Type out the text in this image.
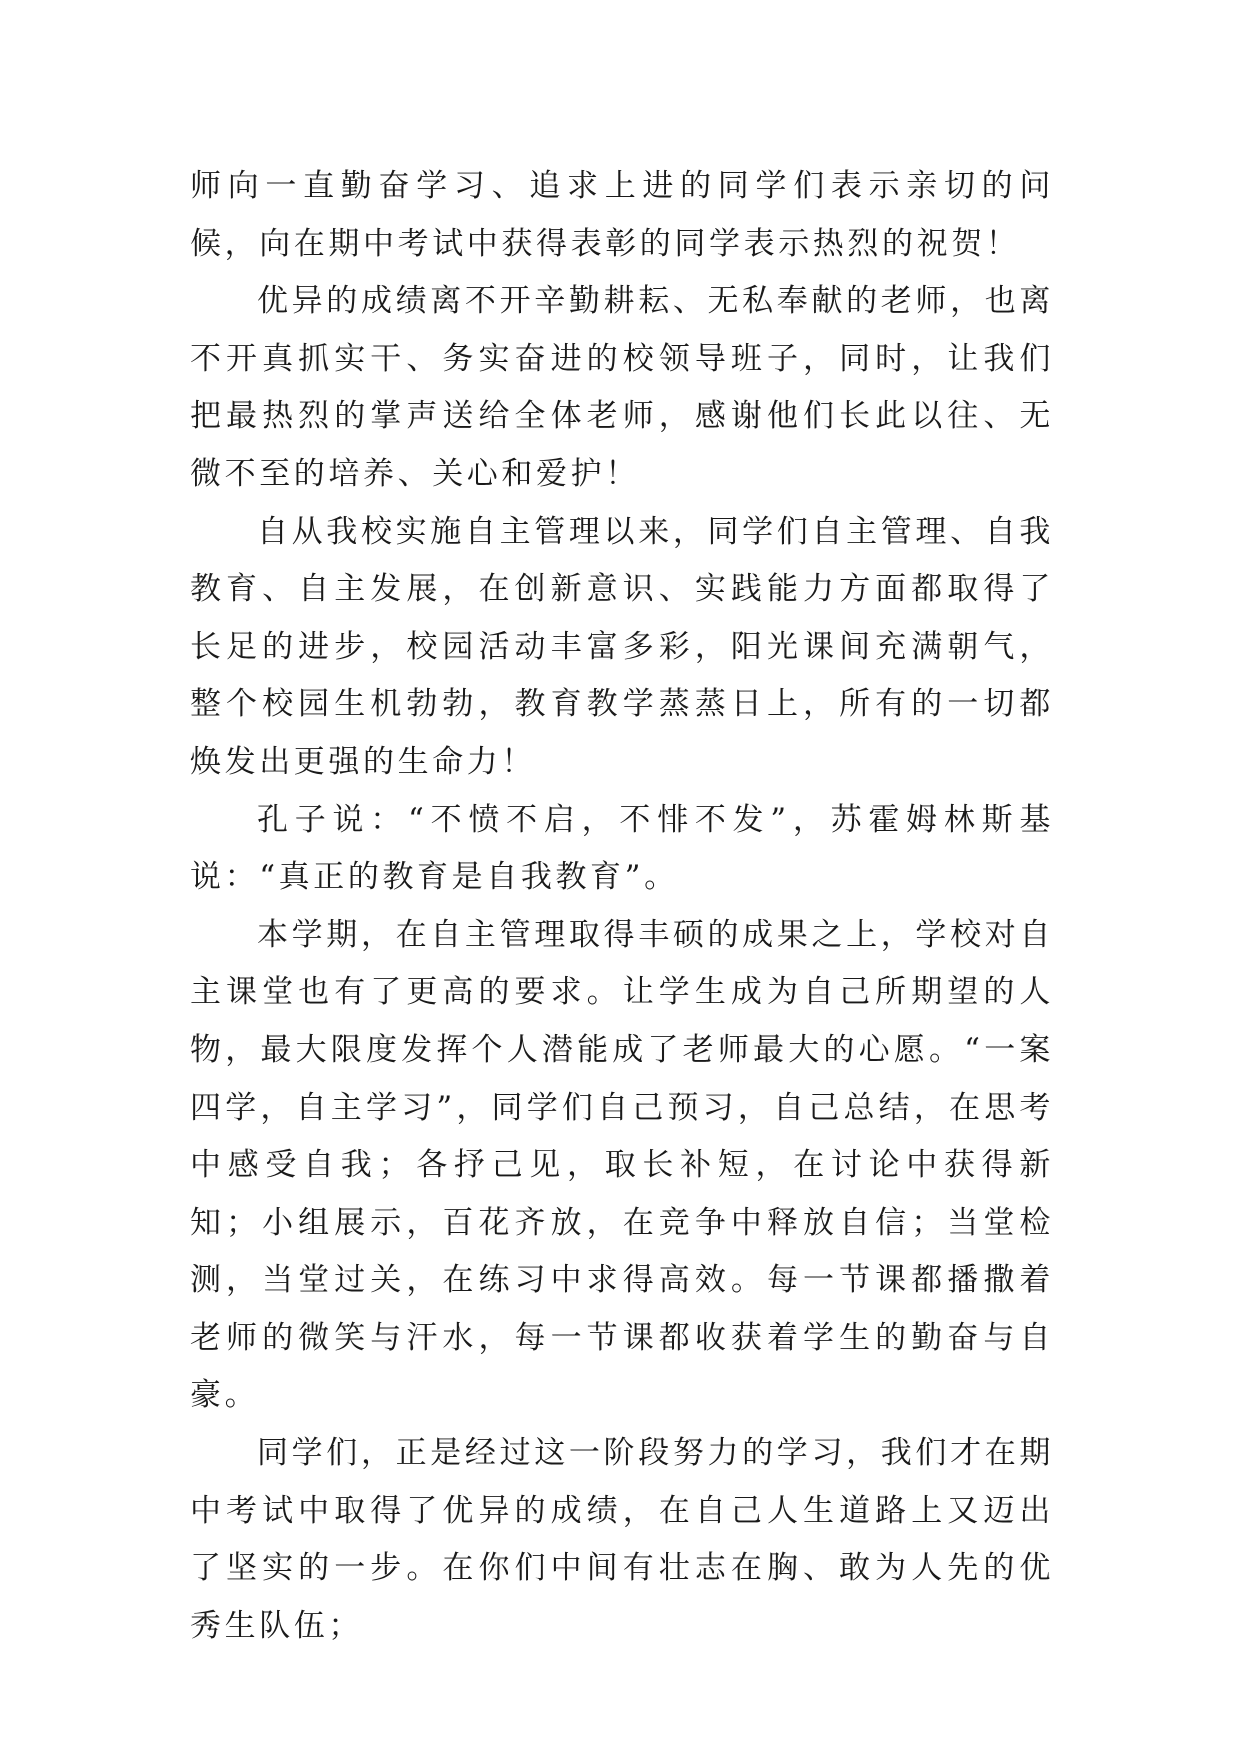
师向一直勤奋学习、追求上进的同学们表示亲切的问候，向在期中考试中获得表彰的同学表示热烈的祝贺！

优异的成绩离不开辛勤耕耘、无私奉献的老师，也离不开真抓实干、务实奋进的校领导班子，同时，让我们把最热烈的掌声送给全体老师，感谢他们长此以往、无微不至的培养、关心和爱护！

自从我校实施自主管理以来，同学们自主管理、自我教育、自主发展，在创新意识、实践能力方面都取得了长足的进步，校园活动丰富多彩，阳光课间充满朝气，整个校园生机勃勃，教育教学蒸蒸日上，所有的一切都焕发出更强的生命力！

孔子说：“不愤不启，不悱不发”，苏霍姆林斯基说：“真正的教育是自我教育”。

本学期，在自主管理取得丰硕的成果之上，学校对自主课堂也有了更高的要求。让学生成为自己所期望的人物，最大限度发挥个人潜能成了老师最大的心愿。“一案四学，自主学习”，同学们自己预习，自己总结，在思考中感受自我；各抒己见，取长补短，在讨论中获得新知；小组展示，百花齐放，在竞争中释放自信；当堂检测，当堂过关，在练习中求得高效。每一节课都播撒着老师的微笑与汗水，每一节课都收获着学生的勤奋与自豪。

同学们，正是经过这一阶段努力的学习，我们才在期中考试中取得了优异的成绩，在自己人生道路上又迈出了坚实的一步。在你们中间有壮志在胸、敢为人先的优秀生队伍；
